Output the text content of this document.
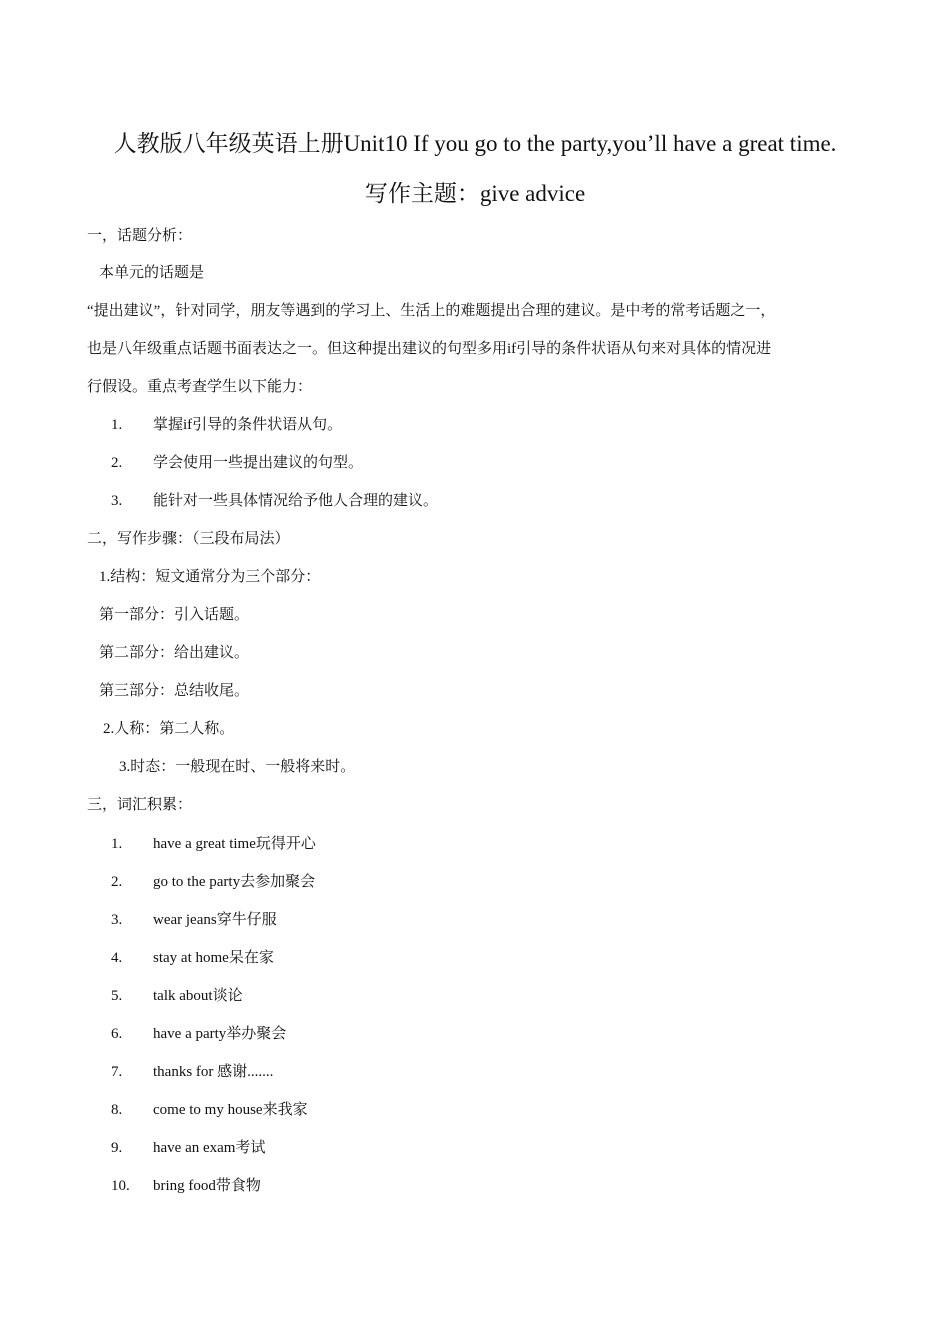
人教版八年级英语上册Unit10 If you go to the party,you’ll have a great time.
写作主题：give advice
一，话题分析：
本单元的话题是
“提出建议”，针对同学，朋友等遇到的学习上、生活上的难题提出合理的建议。是中考的常考话题之一，
也是八年级重点话题书面表达之一。但这种提出建议的句型多用if引导的条件状语从句来对具体的情况进
行假设。重点考查学生以下能力：
1. 掌握if引导的条件状语从句。
2. 学会使用一些提出建议的句型。
3. 能针对一些具体情况给予他人合理的建议。
二，写作步骤：（三段布局法）
1.结构：短文通常分为三个部分：
第一部分：引入话题。
第二部分：给出建议。
第三部分：总结收尾。
2.人称：第二人称。
3.时态：一般现在时、一般将来时。
三，词汇积累：
1. have a great time玩得开心
2. go to the party去参加聚会
3. wear jeans穿牛仔服
4. stay at home呆在家
5. talk about谈论
6. have a party举办聚会
7. thanks for 感谢.......
8. come to my house来我家
9. have an exam考试
10. bring food带食物
